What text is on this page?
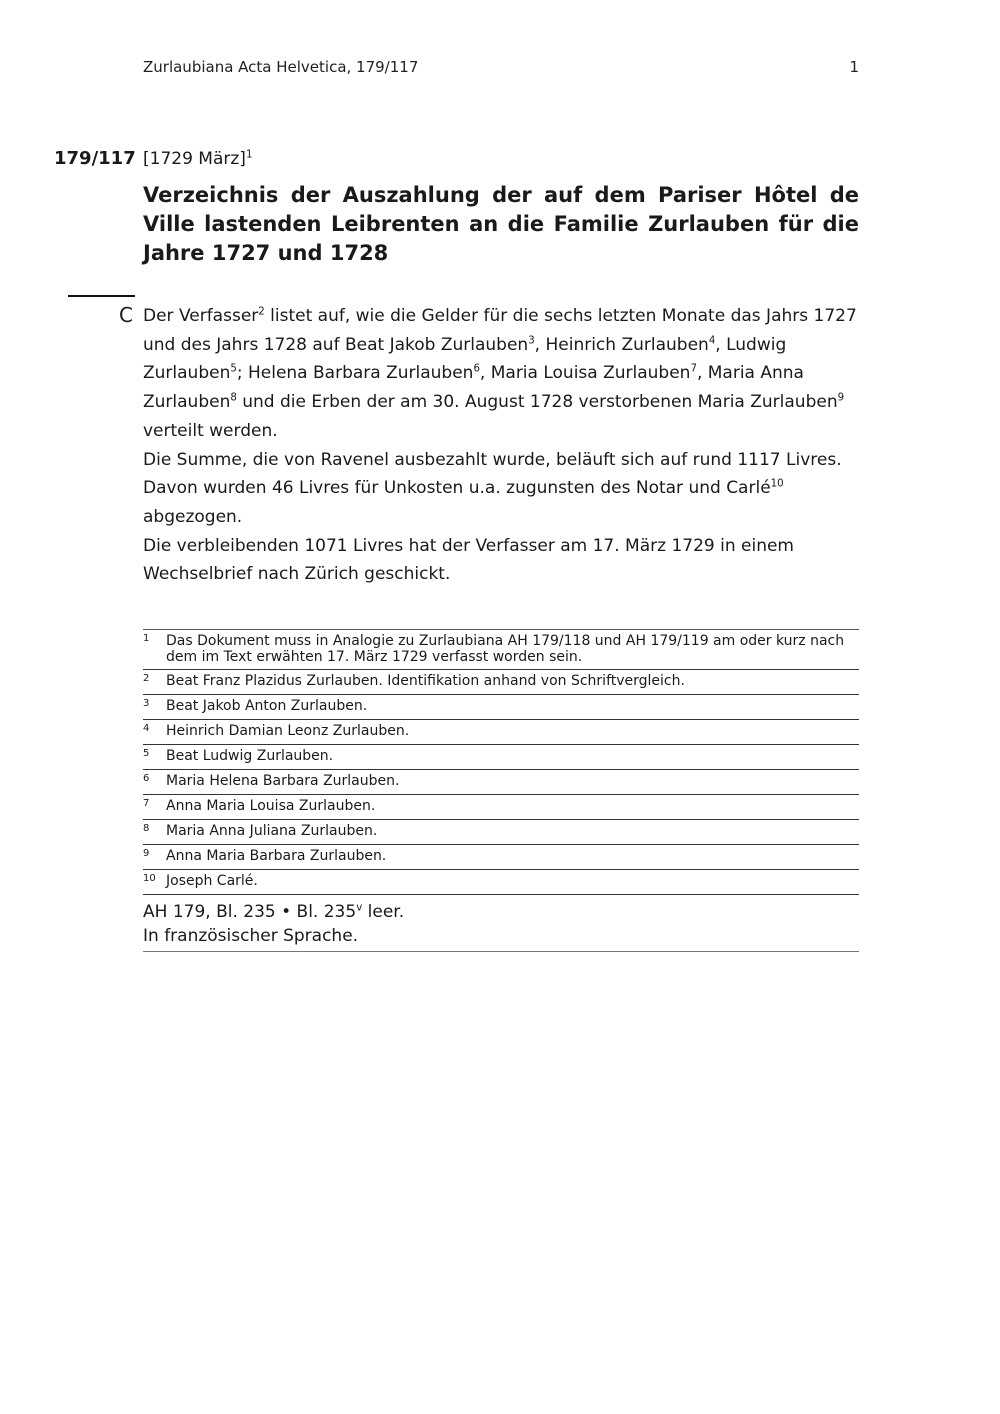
Zurlaubiana Acta Helvetica, 179/117	1
179/117 [1729 März]$^1$
Verzeichnis der Auszahlung der auf dem Pariser Hôtel de Ville lastenden Leibrenten an die Familie Zurlauben für die Jahre 1727 und 1728
C Der Verfasser$^2$ listet auf, wie die Gelder für die sechs letzten Monate das Jahrs 1727 und des Jahrs 1728 auf Beat Jakob Zurlauben$^3$, Heinrich Zurlauben$^4$, Ludwig Zurlauben$^5$; Helena Barbara Zurlauben$^6$, Maria Louisa Zurlauben$^7$, Maria Anna Zurlauben$^8$ und die Erben der am 30. August 1728 verstorbenen Maria Zurlauben$^9$ verteilt werden.

Die Summe, die von Ravenel ausbezahlt wurde, beläuft sich auf rund 1117 Livres. Davon wurden 46 Livres für Unkosten u.a. zugunsten des Notar und Carlé$^{10}$ abgezogen.

Die verbleibenden 1071 Livres hat der Verfasser am 17. März 1729 in einem Wechselbrief nach Zürich geschickt.

1	Das Dokument muss in Analogie zu Zurlaubiana AH 179/118 und AH 179/119 am oder kurz nach dem im Text erwähten 17. März 1729 verfasst worden sein.
2	Beat Franz Plazidus Zurlauben. Identifikation anhand von Schriftvergleich.
3	Beat Jakob Anton Zurlauben.
4	Heinrich Damian Leonz Zurlauben.
5	Beat Ludwig Zurlauben.
6	Maria Helena Barbara Zurlauben.
7	Anna Maria Louisa Zurlauben.
8	Maria Anna Juliana Zurlauben.
9	Anna Maria Barbara Zurlauben.
10 Joseph Carlé.
AH 179, Bl. 235 • Bl. 235$^v$ leer.
In französischer Sprache.
